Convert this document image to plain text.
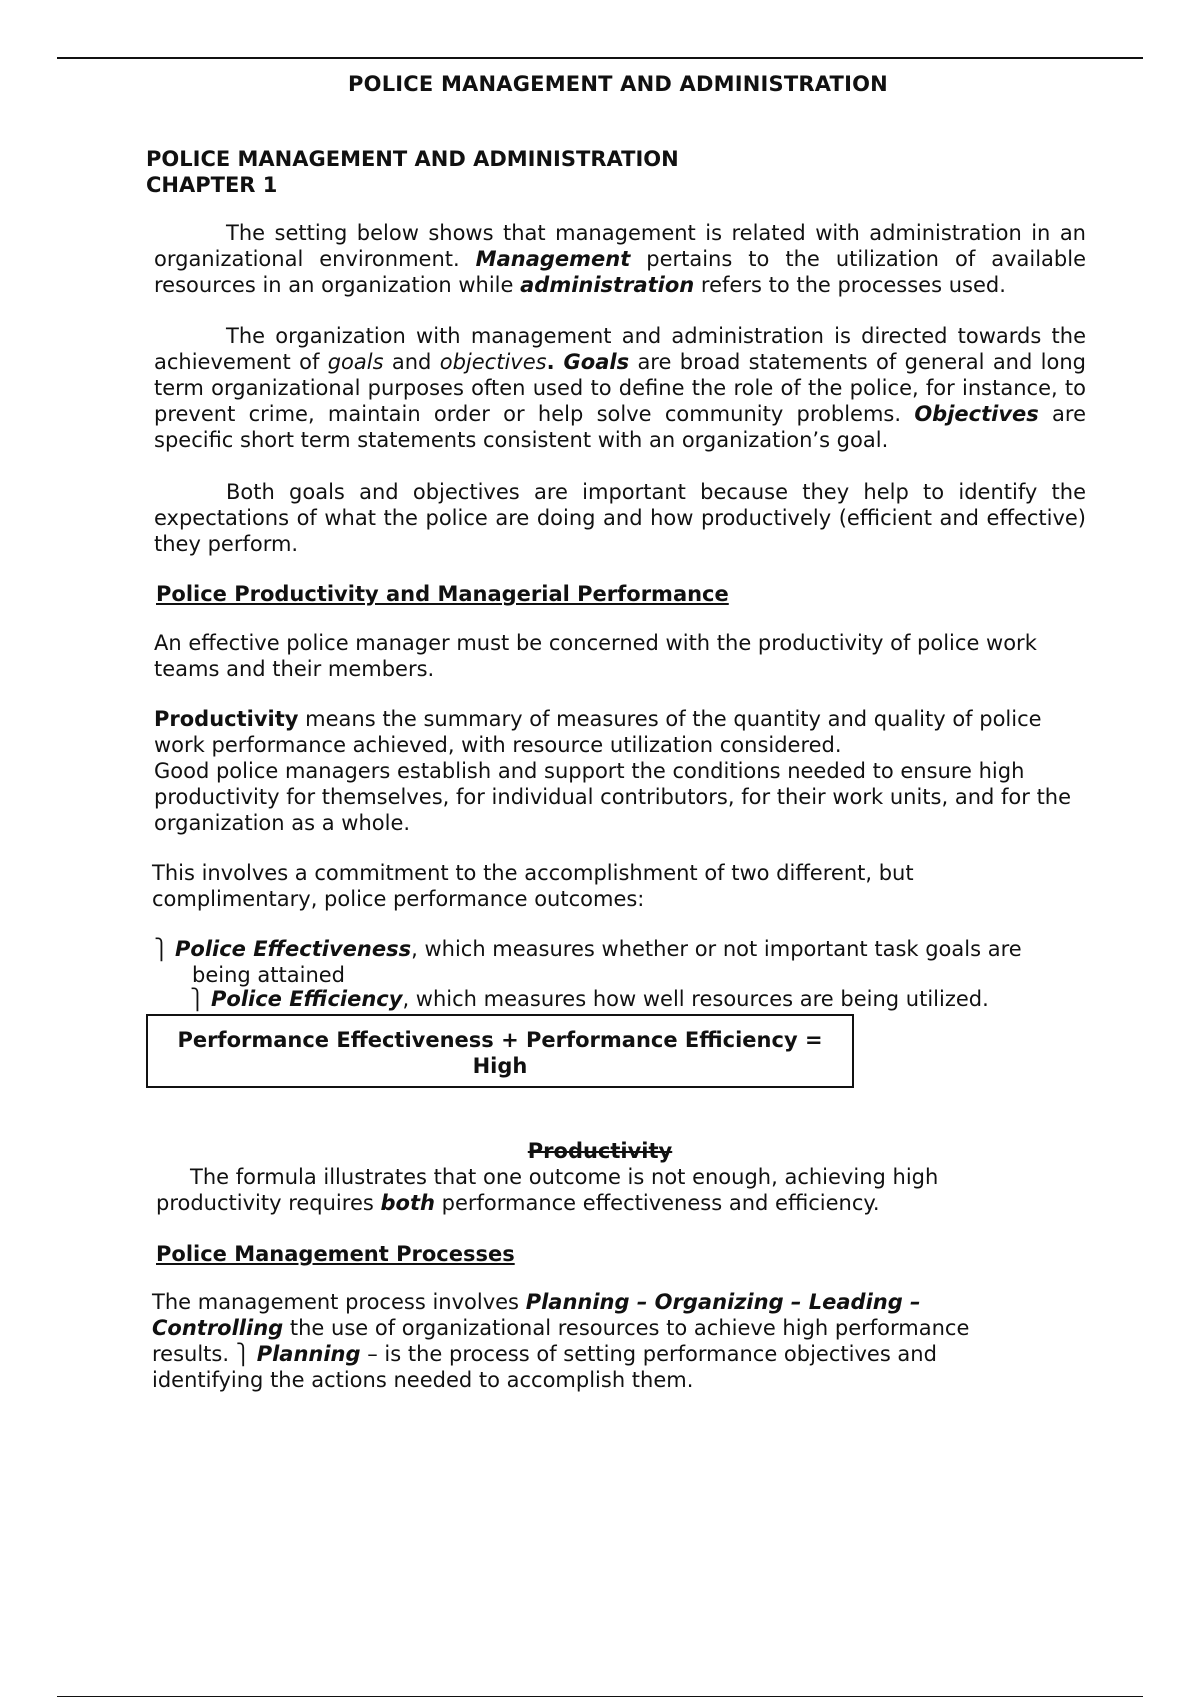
POLICE MANAGEMENT AND ADMINISTRATION
POLICE MANAGEMENT AND ADMINISTRATION
CHAPTER 1
The setting below shows that management is related with administration in an organizational environment. Management pertains to the utilization of available resources in an organization while administration refers to the processes used.
The organization with management and administration is directed towards the achievement of goals and objectives. Goals are broad statements of general and long term organizational purposes often used to define the role of the police, for instance, to prevent crime, maintain order or help solve community problems. Objectives are specific short term statements consistent with an organization’s goal.
Both goals and objectives are important because they help to identify the expectations of what the police are doing and how productively (efficient and effective) they perform.
Police Productivity and Managerial Performance
An effective police manager must be concerned with the productivity of police work teams and their members.
Productivity means the summary of measures of the quantity and quality of police work performance achieved, with resource utilization considered.
Good police managers establish and support the conditions needed to ensure high productivity for themselves, for individual contributors, for their work units, and for the organization as a whole.
This involves a commitment to the accomplishment of two different, but complimentary, police performance outcomes:
⎫ Police Effectiveness, which measures whether or not important task goals are
being attained
⎫ Police Efficiency, which measures how well resources are being utilized.
Performance Effectiveness + Performance Efficiency =
High
Productivity
The formula illustrates that one outcome is not enough, achieving high
productivity requires both performance effectiveness and efficiency.
Police Management Processes
The management process involves Planning – Organizing – Leading –
Controlling the use of organizational resources to achieve high performance
results. ⎫ Planning – is the process of setting performance objectives and
identifying the actions needed to accomplish them.
